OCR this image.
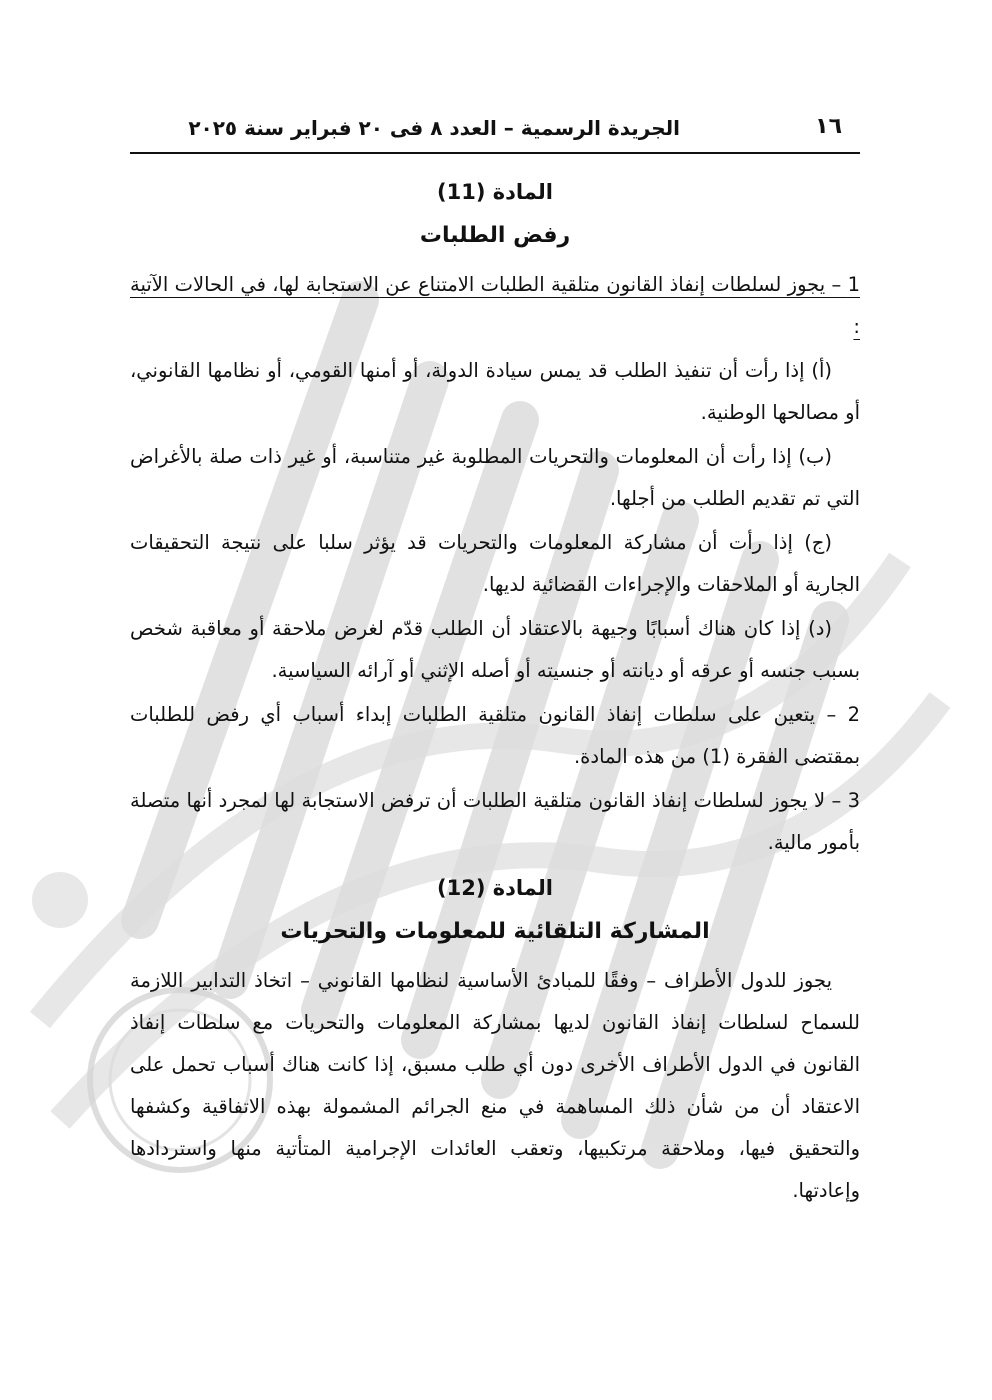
١٦
الجريدة الرسمية – العدد ٨ فى ٢٠ فبراير سنة ٢٠٢٥
المادة (11)
رفض الطلبات

1 – يجوز لسلطات إنفاذ القانون متلقية الطلبات الامتناع عن الاستجابة لها، في الحالات الآتية :

(أ) إذا رأت أن تنفيذ الطلب قد يمس سيادة الدولة، أو أمنها القومي، أو نظامها القانوني، أو مصالحها الوطنية.

(ب) إذا رأت أن المعلومات والتحريات المطلوبة غير متناسبة، أو غير ذات صلة بالأغراض التي تم تقديم الطلب من أجلها.

(ج) إذا رأت أن مشاركة المعلومات والتحريات قد يؤثر سلبا على نتيجة التحقيقات الجارية أو الملاحقات والإجراءات القضائية لديها.

(د) إذا كان هناك أسبابًا وجيهة بالاعتقاد أن الطلب قدّم لغرض ملاحقة أو معاقبة شخص بسبب جنسه أو عرقه أو ديانته أو جنسيته أو أصله الإثني أو آرائه السياسية.

2 – يتعين على سلطات إنفاذ القانون متلقية الطلبات إبداء أسباب أي رفض للطلبات بمقتضى الفقرة (1) من هذه المادة.

3 – لا يجوز لسلطات إنفاذ القانون متلقية الطلبات أن ترفض الاستجابة لها لمجرد أنها متصلة بأمور مالية.

المادة (12)
المشاركة التلقائية للمعلومات والتحريات

يجوز للدول الأطراف – وفقًا للمبادئ الأساسية لنظامها القانوني – اتخاذ التدابير اللازمة للسماح لسلطات إنفاذ القانون لديها بمشاركة المعلومات والتحريات مع سلطات إنفاذ القانون في الدول الأطراف الأخرى دون أي طلب مسبق، إذا كانت هناك أسباب تحمل على الاعتقاد أن من شأن ذلك المساهمة في منع الجرائم المشمولة بهذه الاتفاقية وكشفها والتحقيق فيها، وملاحقة مرتكبيها، وتعقب العائدات الإجرامية المتأتية منها واستردادها وإعادتها.
